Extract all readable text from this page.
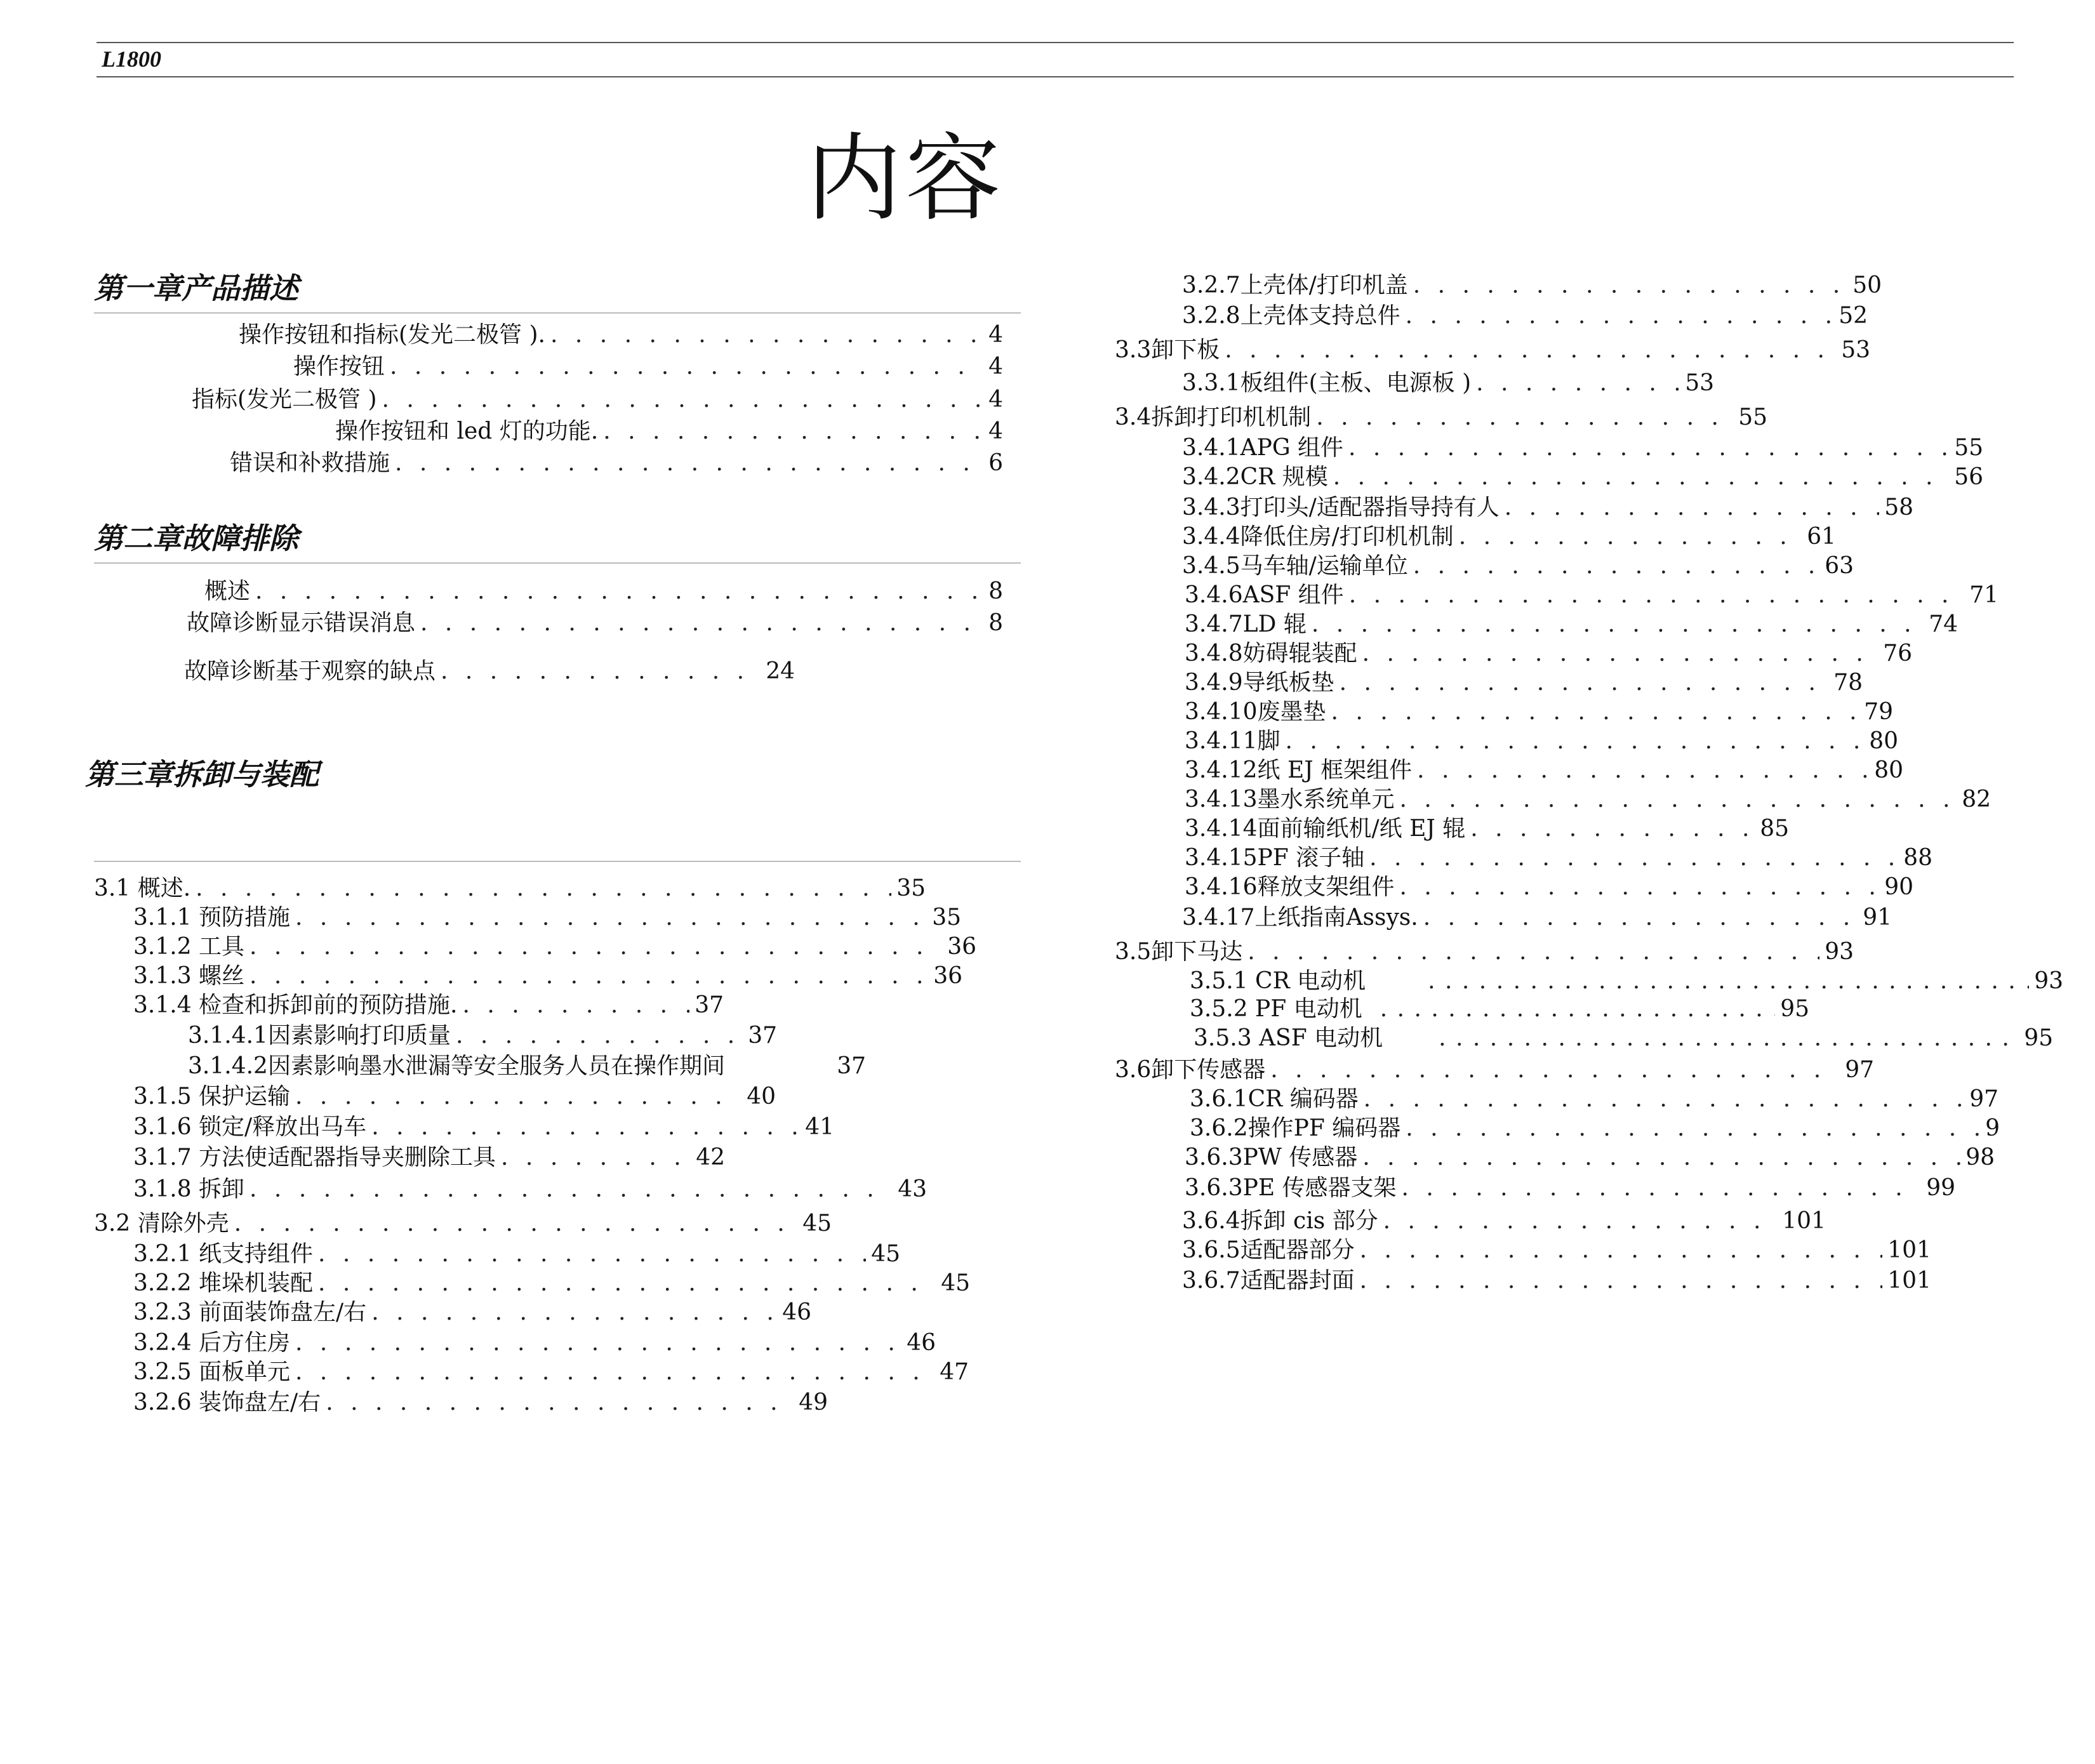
L1800
内容
第一章产品描述
第二章故障排除
第三章拆卸与装配
操作按钮和指标(发光二极管 ). . . .	4
操作按钮 . . .	4
指标(发光二极管 ) . . .	4
操作按钮和 led 灯的功能. . . .	4
错误和补救措施 . . .	6
概述 . . .	8
故障诊断显示错误消息 . . .	8
故障诊断基于观察的缺点 . . .	24
3.1 概述. . . .	35
3.1.1 预防措施 . . .	35
3.1.2 工具 . . .	36
3.1.3 螺丝 . . .	36
3.1.4 检查和拆卸前的预防措施. . . .	37
3.1.4.1因素影响打印质量 . . .	37
3.1.4.2因素影响墨水泄漏等安全服务人员在操作期间	37
3.1.5 保护运输 . . .	40
3.1.6 锁定/释放出马车 . . .	41
3.1.7 方法使适配器指导夹删除工具 . . .	42
3.1.8 拆卸 . . .	43
3.2 清除外壳 . . .	45
3.2.1 纸支持组件 . . .	45
3.2.2 堆垛机装配 . . .	45
3.2.3 前面装饰盘左/右 . . .	46
3.2.4 后方住房 . . .	46
3.2.5 面板单元 . . .	47
3.2.6 装饰盘左/右 . . .	49
3.2.7上壳体/打印机盖 . . .	50
3.2.8上壳体支持总件 . . .	52
3.3卸下板 . . .	53
3.3.1板组件(主板、电源板 ) . . .	53
3.4拆卸打印机机制 . . .	55
3.4.1APG 组件 . . .	55
3.4.2CR 规模 . . .	56
3.4.3打印头/适配器指导持有人 . . .	58
3.4.4降低住房/打印机机制 . . .	61
3.4.5马车轴/运输单位 . . .	63
3.4.6ASF 组件 . . .	71
3.4.7LD 辊 . . .	74
3.4.8妨碍辊装配 . . .	76
3.4.9导纸板垫 . . .	78
3.4.10废墨垫 . . .	79
3.4.11脚 . . .	80
3.4.12纸 EJ 框架组件 . . .	80
3.4.13墨水系统单元 . . .	82
3.4.14面前输纸机/纸 EJ 辊 . . .	85
3.4.15PF 滚子轴 . . .	88
3.4.16释放支架组件 . . .	90
3.4.17上纸指南Assys. . . .	91
3.5卸下马达 . . .	93
3.5.1 CR 电动机 . . .	93
3.5.2 PF 电动机 . . .	95
3.5.3 ASF 电动机 . . .	95
3.6卸下传感器 . . .	97
3.6.1CR 编码器 . . .	97
3.6.2操作PF 编码器 . . .	9
3.6.3PW 传感器 . . .	98
3.6.3PE 传感器支架 . . .	99
3.6.4拆卸 cis 部分 . . .	101
3.6.5适配器部分 . . .	101
3.6.7适配器封面 . . .	101
